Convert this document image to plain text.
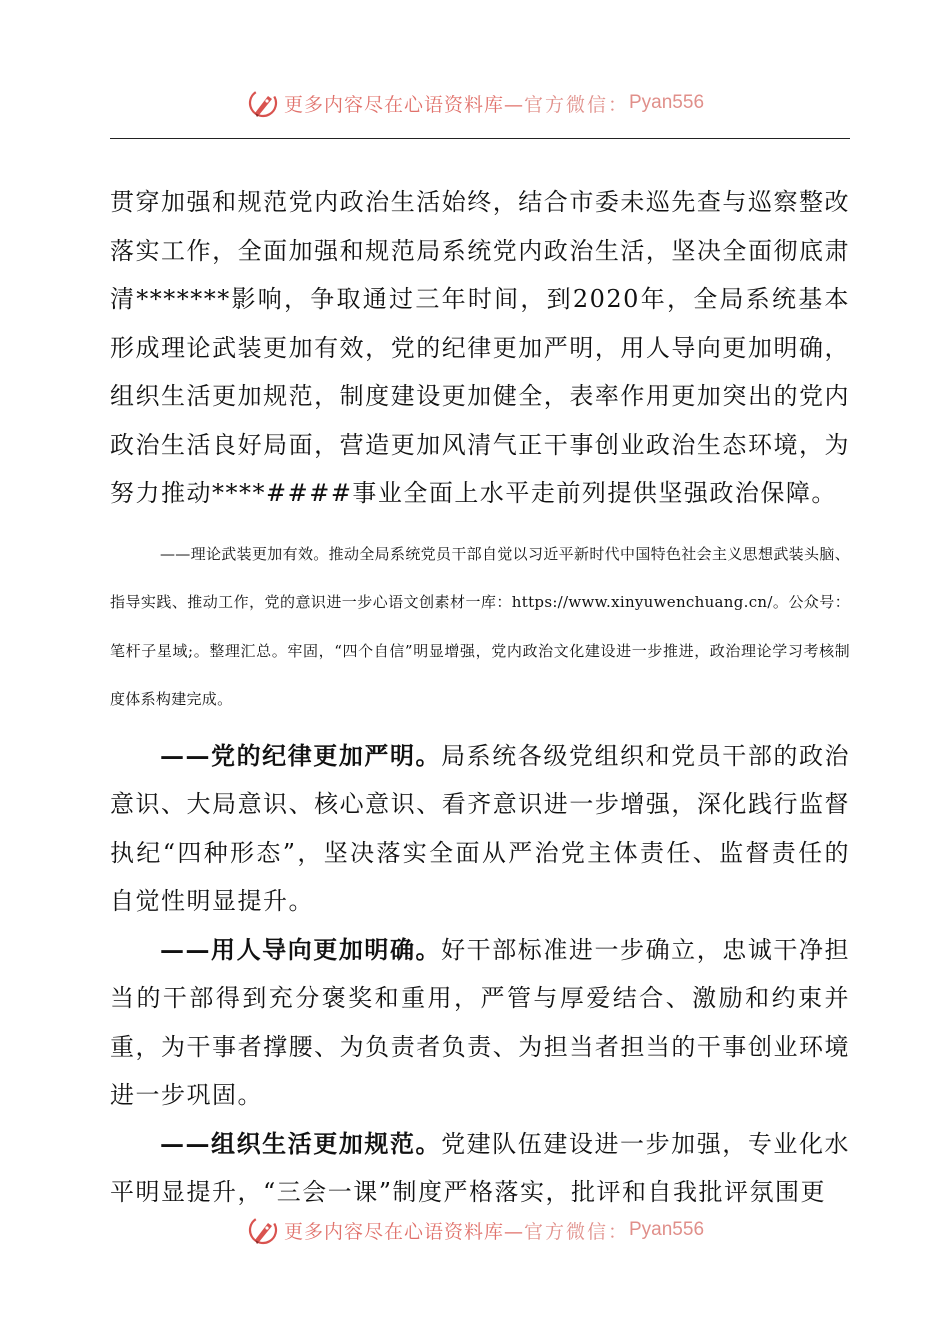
更多内容尽在心语资料库— 官方微信： Pyan556

贯穿加强和规范党内政治生活始终，结合市委未巡先查与巡察整改落实工作，全面加强和规范局系统党内政治生活，坚决全面彻底肃清*******影响，争取通过三年时间，到2020年，全局系统基本形成理论武装更加有效，党的纪律更加严明，用人导向更加明确，组织生活更加规范，制度建设更加健全，表率作用更加突出的党内政治生活良好局面，营造更加风清气正干事创业政治生态环境，为努力推动****####事业全面上水平走前列提供坚强政治保障。

——理论武装更加有效。推动全局系统党员干部自觉以习近平新时代中国特色社会主义思想武装头脑、指导实践、推动工作，党的意识进一步心语文创素材一库：https://www.xinyuwenchuang.cn/。公众号：笔杆子星域;。整理汇总。牢固，“四个自信”明显增强，党内政治文化建设进一步推进，政治理论学习考核制度体系构建完成。

——党的纪律更加严明。局系统各级党组织和党员干部的政治意识、大局意识、核心意识、看齐意识进一步增强，深化践行监督执纪“四种形态”，坚决落实全面从严治党主体责任、监督责任的自觉性明显提升。

——用人导向更加明确。好干部标准进一步确立，忠诚干净担当的干部得到充分褒奖和重用，严管与厚爱结合、激励和约束并重，为干事者撑腰、为负责者负责、为担当者担当的干事创业环境进一步巩固。

——组织生活更加规范。党建队伍建设进一步加强，专业化水平明显提升，“三会一课”制度严格落实，批评和自我批评氛围更

更多内容尽在心语资料库— 官方微信： Pyan556
